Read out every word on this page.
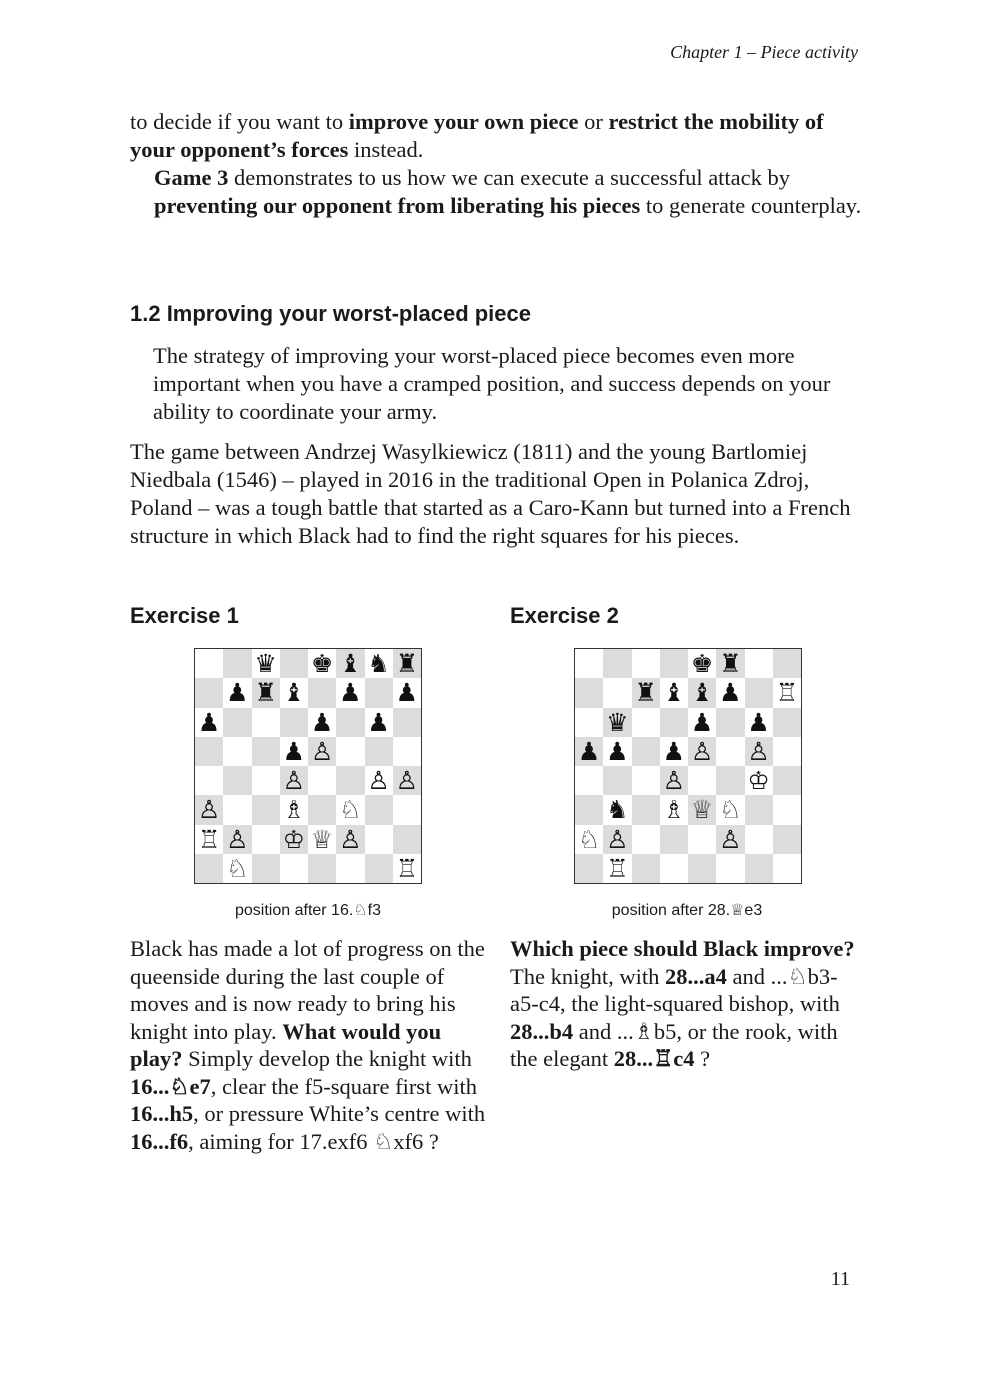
Chapter 1 – Piece activity

to decide if you want to improve your own piece or restrict the mobility of your opponent’s forces instead.

Game 3 demonstrates to us how we can execute a successful attack by preventing our opponent from liberating his pieces to generate counterplay.

1.2 Improving your worst-placed piece

The strategy of improving your worst-placed piece becomes even more important when you have a cramped position, and success depends on your ability to coordinate your army.

The game between Andrzej Wasylkiewicz (1811) and the young Bartlomiej Niedbala (1546) – played in 2016 in the traditional Open in Polanica Zdroj, Poland – was a tough battle that started as a Caro-Kann but turned into a French structure in which Black had to find the right squares for his pieces.

Exercise 1	Exercise 2
♛ ♚ ♝ ♞ ♜
♟ ♜ ♝ ♟ ♟
♟	♟ ♟
♟ ♙
♙ ♙ ♙
♙ ♗ ♘
♖ ♙ ♔ ♕ ♙
♘	♖
♚ ♜
♜ ♝ ♝ ♟ ♖
♛ ♟ ♟
♟ ♟ ♟ ♙ ♙
♙ ♔
♞ ♗ ♕ ♘
♘ ♙	♙
♖
position after 16.♘f3	position after 28.♕e3

Black has made a lot of progress on the queenside during the last couple of moves and is now ready to bring his knight into play. What would you play? Simply develop the knight with 16...♘e7, clear the f5-square first with 16...h5, or pressure White’s centre with 16...f6, aiming for 17.exf6 ♘xf6 ?

Which piece should Black improve? The knight, with 28...a4 and ...♘b3-a5-c4, the light-squared bishop, with 28...b4 and ...♗b5, or the rook, with the elegant 28...♖c4 ?

11
